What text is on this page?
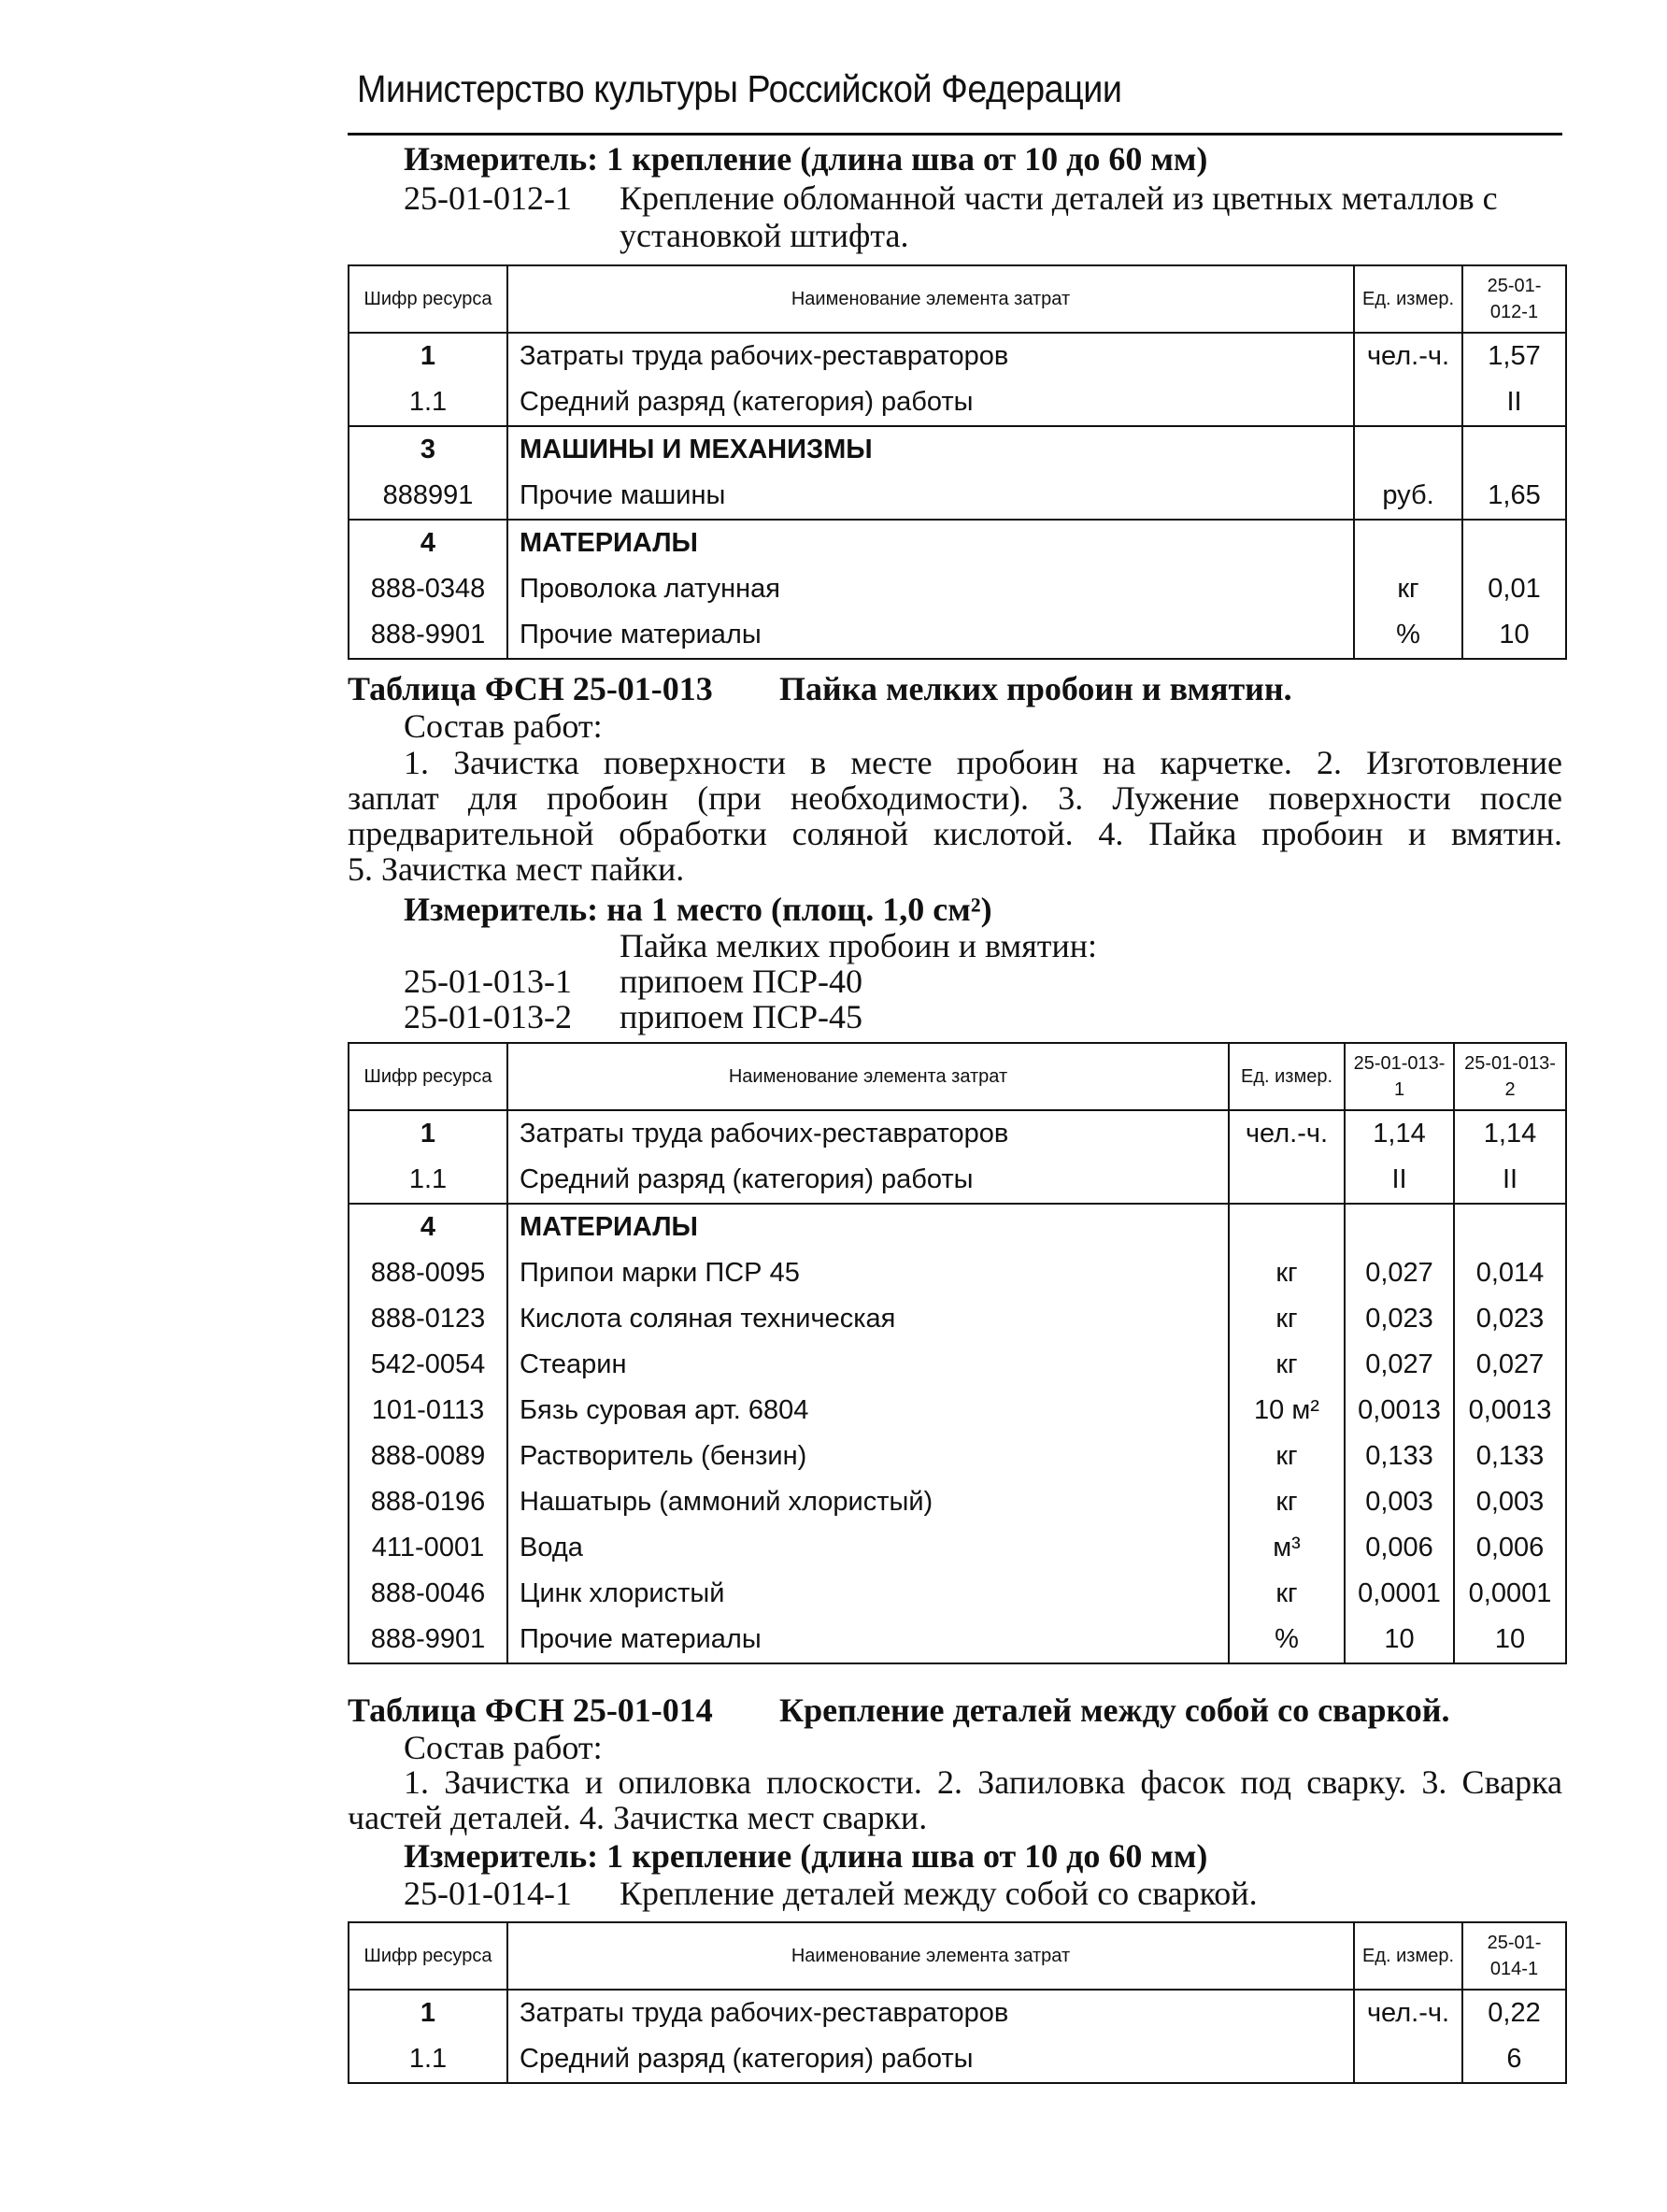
Министерство культуры Российской Федерации
Измеритель: 1 крепление (длина шва от 10 до 60 мм)
25-01-012-1 Крепление обломанной части деталей из цветных металлов с
установкой штифта.
Шифр ресурса	Наименование элемента затрат	Ед. измер.	25-01-012-1
1	Затраты труда рабочих-реставраторов	чел.-ч.	1,57
1.1	Средний разряд (категория) работы		II
3	МАШИНЫ И МЕХАНИЗМЫ		
888991	Прочие машины	руб.	1,65
4	МАТЕРИАЛЫ		
888-0348	Проволока латунная	кг	0,01
888-9901	Прочие материалы	%	10
Таблица ФСН 25-01-013 Пайка мелких пробоин и вмятин.
Состав работ:
1. Зачистка поверхности в месте пробоин на карчетке. 2. Изготовление
заплат для пробоин (при необходимости). 3. Лужение поверхности после
предварительной обработки соляной кислотой. 4. Пайка пробоин и вмятин.
5. Зачистка мест пайки.
Измеритель: на 1 место (площ. 1,0 см²)
Пайка мелких пробоин и вмятин:
25-01-013-1 припоем ПСР-40
25-01-013-2 припоем ПСР-45
Шифр ресурса	Наименование элемента затрат	Ед. измер.	25-01-013-1	25-01-013-2
1	Затраты труда рабочих-реставраторов	чел.-ч.	1,14	1,14
1.1	Средний разряд (категория) работы		II	II
4	МАТЕРИАЛЫ			
888-0095	Припои марки ПСР 45	кг	0,027	0,014
888-0123	Кислота соляная техническая	кг	0,023	0,023
542-0054	Стеарин	кг	0,027	0,027
101-0113	Бязь суровая арт. 6804	10 м²	0,0013	0,0013
888-0089	Растворитель (бензин)	кг	0,133	0,133
888-0196	Нашатырь (аммоний хлористый)	кг	0,003	0,003
411-0001	Вода	м³	0,006	0,006
888-0046	Цинк хлористый	кг	0,0001	0,0001
888-9901	Прочие материалы	%	10	10
Таблица ФСН 25-01-014 Крепление деталей между собой со сваркой.
Состав работ:
1. Зачистка и опиловка плоскости. 2. Запиловка фасок под сварку. 3. Сварка
частей деталей. 4. Зачистка мест сварки.
Измеритель: 1 крепление (длина шва от 10 до 60 мм)
25-01-014-1 Крепление деталей между собой со сваркой.
Шифр ресурса	Наименование элемента затрат	Ед. измер.	25-01-014-1
1	Затраты труда рабочих-реставраторов	чел.-ч.	0,22
1.1	Средний разряд (категория) работы		6
